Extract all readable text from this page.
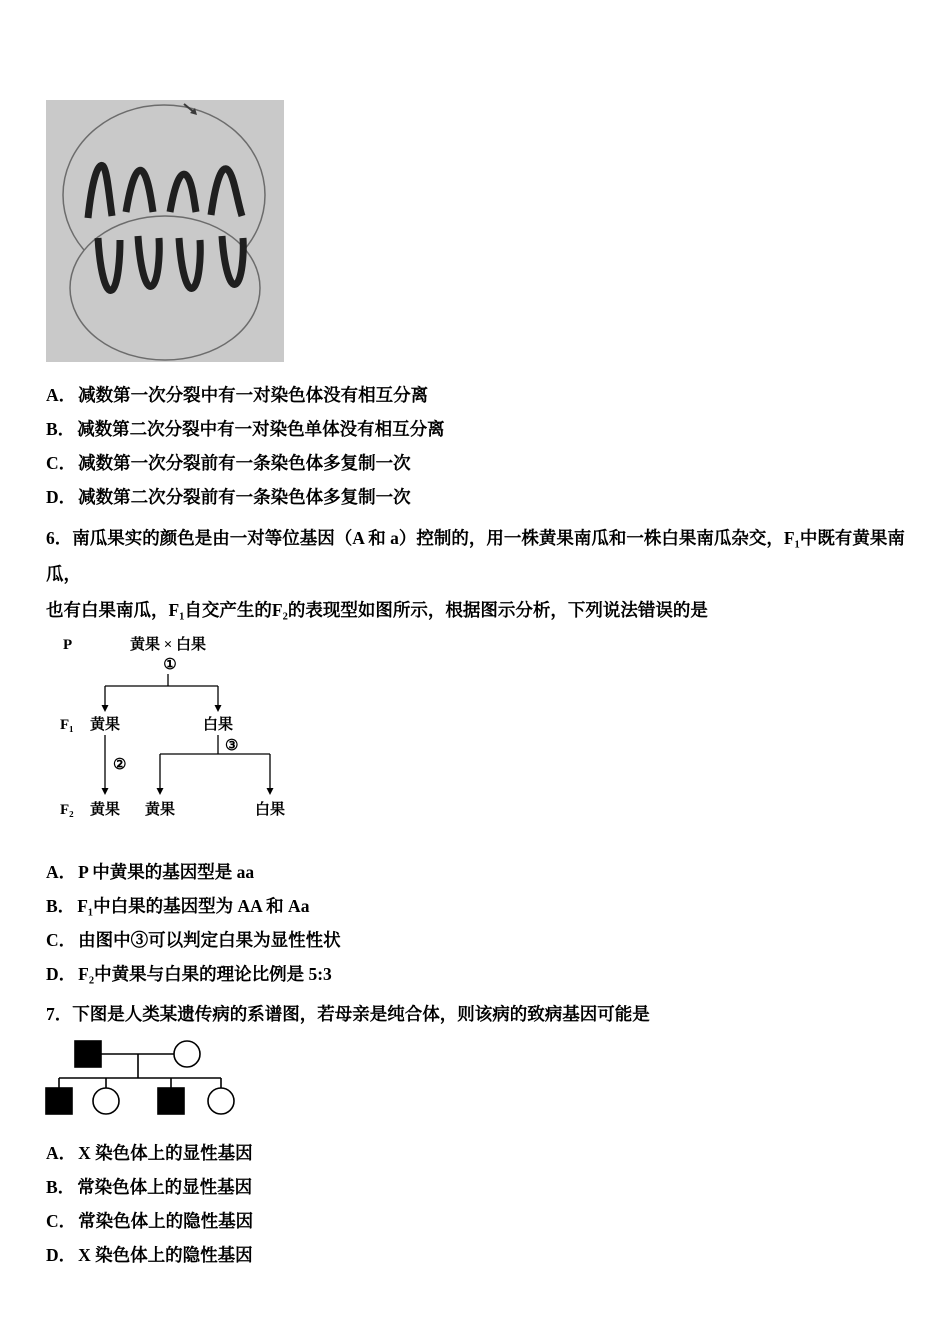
A． 减数第一次分裂中有一对染色体没有相互分离
B． 减数第二次分裂中有一对染色单体没有相互分离
C． 减数第一次分裂前有一条染色体多复制一次
D． 减数第二次分裂前有一条染色体多复制一次
6．南瓜果实的颜色是由一对等位基因（A 和 a）控制的，用一株黄果南瓜和一株白果南瓜杂交，F₁中既有黄果南瓜，
也有白果南瓜，F₁自交产生的F₂的表现型如图所示，根据图示分析，下列说法错误的是
P	黄果 × 白果
①
F₁ 黄果	白果
②
③
F₂ 黄果 黄果	白果
A． P 中黄果的基因型是 aa
B． F₁中白果的基因型为 AA 和 Aa
C． 由图中③可以判定白果为显性性状
D． F₂中黄果与白果的理论比例是 5:3
7．下图是人类某遗传病的系谱图，若母亲是纯合体，则该病的致病基因可能是
A． X 染色体上的显性基因
B． 常染色体上的显性基因
C． 常染色体上的隐性基因
D． X 染色体上的隐性基因
